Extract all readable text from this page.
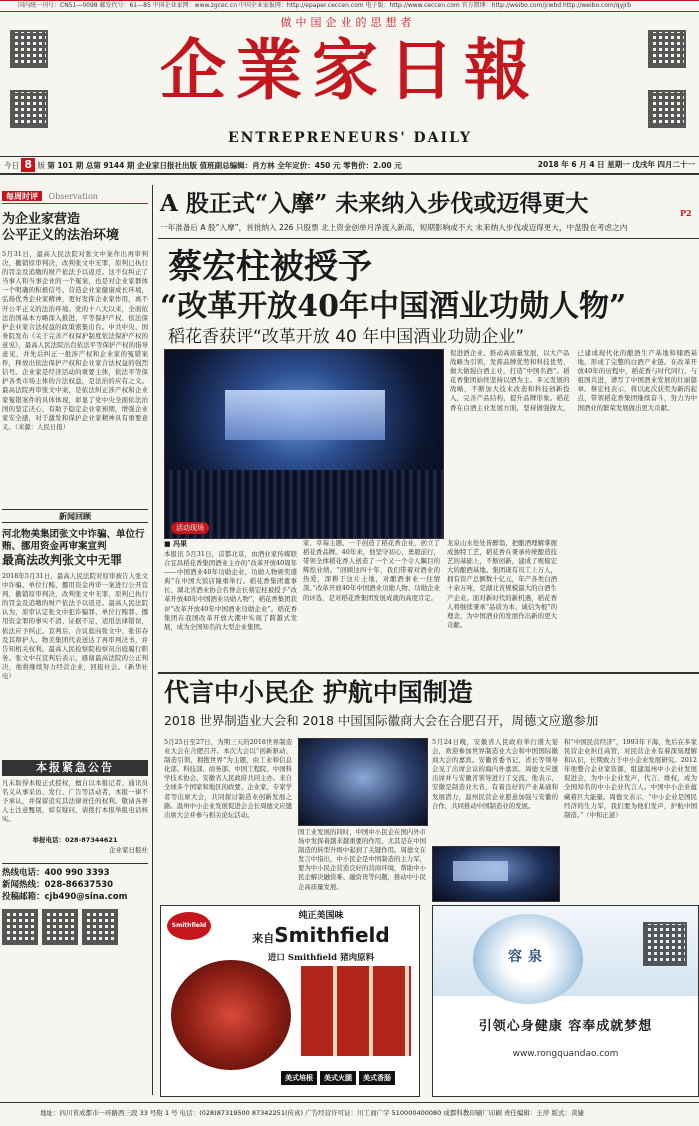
国内统一刊号：CN51—0098 邮发代号：61—85 中国企业家网：www.zgcec.cn 中国企业家报网：http://epaper.ceccen.com 电子版：http://www.ceccen.com 官方微博：http://weibo.com/jrwbd http://weibo.com/qyjrb
做中国企业的思想者
企業家日報
ENTREPRENEURS' DAILY
今日 8 版 第 101 期 总第 9144 期 企业家日报社出版 值班副总编辑：肖方林 全年定价：450 元 零售价：2.00 元	2018 年 6 月 4 日 星期一 戊戌年 四月二十一
每周时评 Observation
为企业家营造
公平正义的法治环境
5月31日，最高人民法院对张文中案作出再审判决，撤销原审判决，改判张文中无罪，原判已执行的罚金及追缴的财产依法予以返还。这不仅纠正了当事人和当事企业的一个冤案，也是对企业家群体一个明确的积极信号。营造企业家健康成长环境，弘扬优秀企业家精神，更好发挥企业家作用，离不开公平正义的法治环境。党的十八大以来，全面依法治国基本方略深入推进，平等保护产权、依法保护企业家合法权益的政策密集出台。中共中央、国务院发布《关于完善产权保护制度依法保护产权的意见》，最高人民法院出台依法平等保护产权的指导意见，并先后纠正一批涉产权和企业家的冤错案件，释放出依法保护产权和企业家合法权益的强烈信号。企业家是经济活动的重要主体，依法平等保护各类市场主体的合法权益，是法治的应有之义。最高法院再审张文中案，是依法纠正涉产权和企业家冤错案件的具体体现，彰显了党中央全面依法治国的坚定决心，有助于稳定企业家预期，增强企业家安全感，对于激发和保护企业家精神具有重要意义。（来源：人民日报）
新闻回顾
河北物美集团张文中诈骗、单位行贿、挪用资金再审案宣判
最高法改判张文中无罪
2018年5月31日，最高人民法院对原审被告人张文中诈骗、单位行贿、挪用资金再审一案进行公开宣判，撤销原审判决，改判张文中无罪，原判已执行的罚金及追缴的财产依法予以返还。最高人民法院认为，原审认定张文中犯诈骗罪、单位行贿罪、挪用资金罪的事实不清、证据不足，适用法律错误，依法应予纠正。宣判后，合议庭向张文中、张伟春及其辩护人、物美集团代表送达了再审判决书，并告知相关权利。最高人民检察院检察员出庭履行职务。张文中在宣判后表示，感谢最高法院的公正判决，他将继续努力经营企业，回报社会。（新华社电）
本报紧急公告
凡未取得本报正式授权，擅自以本报记者、通讯员名义从事采访、发行、广告等活动者，本报一律不予承认，并保留追究其法律责任的权利。敬请各界人士注意甄别，如有疑问，请拨打本报举报电话核实。
举报电话：028-87344621
企业家日报社
热线电话：400 990 3393
新闻热线：028-86637530
投稿邮箱：cjb490@sina.com
A 股正式“入摩” 未来纳入步伐或迈得更大
一年准备后 A 股“入摩”，首批纳入 226 只股票 北上资金创单月净流入新高，短期影响或不大 未来纳入步伐或迈得更大，中盘股在考虑之内
P2
蔡宏柱被授予
“改革开放40年中国酒业功勋人物”
稻花香获评“改革开放 40 年中国酒业功勋企业”
活动现场
■ 冯果
本报讯 5月31日，首都北京，由酒业家传媒联合宜昌稻花香集团酒业主办的“改革开放40周年——中国酒业40年功勋企业、功勋人物颁奖盛典”在中国大饭店隆重举行。稻花香集团董事长、湖北省酒业协会名誉会长蔡宏柱被授予“改革开放40年中国酒业功勋人物”，稻花香集团获评“改革开放40年中国酒业功勋企业”。稻花香集团在我国改革开放大潮中实现了跨越式发展，成为全国知名的大型企业集团。
家、草莓主题、一手创造了稻花香企业，创立了稻花香品牌。40年来，他坚守初心，勇毅前行，带领全体稻花香人创造了一个又一个令人瞩目的辉煌业绩。“回顾这四十年，我们带着对酒业的热爱，深耕于这片土地，对酿酒事业一往情深。”改革开放40年中国酒业功勋人物、功勋企业的评选，是对稻花香集团发展成就的高度肯定。
龙泉山水处处皆醉翁，把酿酒理解掌握成独特工艺，稻花香在秉承传统酿造技艺的基础上，不断创新，建成了规模宏大的酿酒基地。集团现有员工上万人，拥有资产总额数十亿元，年产各类白酒十余万吨，是湖北省规模最大的白酒生产企业。面对新时代的新机遇，稻花香人将继续秉承“品质为本、诚信为根”的理念，为中国酒业的发展作出新的更大贡献。
促进酒企业、推动高质量发展，以大产品战略为引领，发挥品牌优势和科技优势，做大做强白酒主业，打造“中国名酒”。稻花香集团始终坚持以酒为主、多元发展的战略，不断加大技术改造和科技创新投入，完善产品结构，提升品牌形象。稻花香在白酒主业发展方面，坚持做强做大，已建成现代化的酿酒生产基地和储酒基地，形成了完整的白酒产业链。在改革开放40年的历程中，稻花香与时代同行，与祖国共进，谱写了中国酒业发展的壮丽篇章。蔡宏柱表示，将以此次获奖为新的起点，带领稻花香集团继续奋斗，努力为中国酒业的繁荣发展做出更大贡献。
代言中小民企 护航中国制造
2018 世界制造业大会和 2018 中国国际徽商大会在合肥召开，周德文应邀参加
5月25日至27日，为期三天的2018世界制造业大会在合肥召开。本次大会以“创新驱动、制造引领、拥抱世界”为主题，由工业和信息化部、科技部、商务部、中国工程院、中国科学技术协会、安徽省人民政府共同主办。来自全球多个国家和地区的政要、企业家、专家学者等出席大会，共同探讨制造业创新发展之路。温州中小企业发展促进会会长周德文应邀出席大会并参与相关论坛活动。
国工业发展的同时，中国中小民企在国内外市场中发挥着越来越重要的作用，尤其是在中国制造的转型升级中起到了关键作用。周德文在发言中指出，中小民企是中国制造的主力军，要为中小民企营造良好的营商环境，帮助中小民企解决融资难、融资贵等问题，推动中小民企高质量发展。
5月24日晚，安徽省人民政府举行盛大宴会，欢迎参加世界制造业大会和中国国际徽商大会的嘉宾。安徽省委书记、省长等领导会见了出席会议的海内外嘉宾。周德文应邀出席并与安徽省领导进行了交流。他表示，安徽是制造业大省，有着良好的产业基础和发展潜力，温州民营企业愿意加强与安徽的合作，共同推动中国制造业的发展。
和“中国民营经济”，1993年下海，先后在多家民营企业担任高管，对民营企业有着深刻理解和认识，长期致力于中小企业发展研究。2012年他整合企业家资源，组建温州中小企业发展促进会，为中小企业发声、代言、维权，成为全国知名的中小企业代言人。中国中小企业蕴藏着巨大能量。周德文表示，“中小企业是国民经济的生力军，我们要为他们发声，护航中国制造。”（中和正道）
Smithfield
纯正美国味
来自Smithfield
进口 Smithfield 猪肉原料
美式培根	美式火腿	美式香肠
容泉
引领心身健康 容奉成就梦想
www.rongquandao.com
地址：四川省成都市一环路西三段 33 号附 1 号 电话：(028)87319500 87342251(传真) 广告经营许可证：川工商广字 510000400080 成都科教印刷厂印刷 责任编辑：王萍 版式：黄婕
